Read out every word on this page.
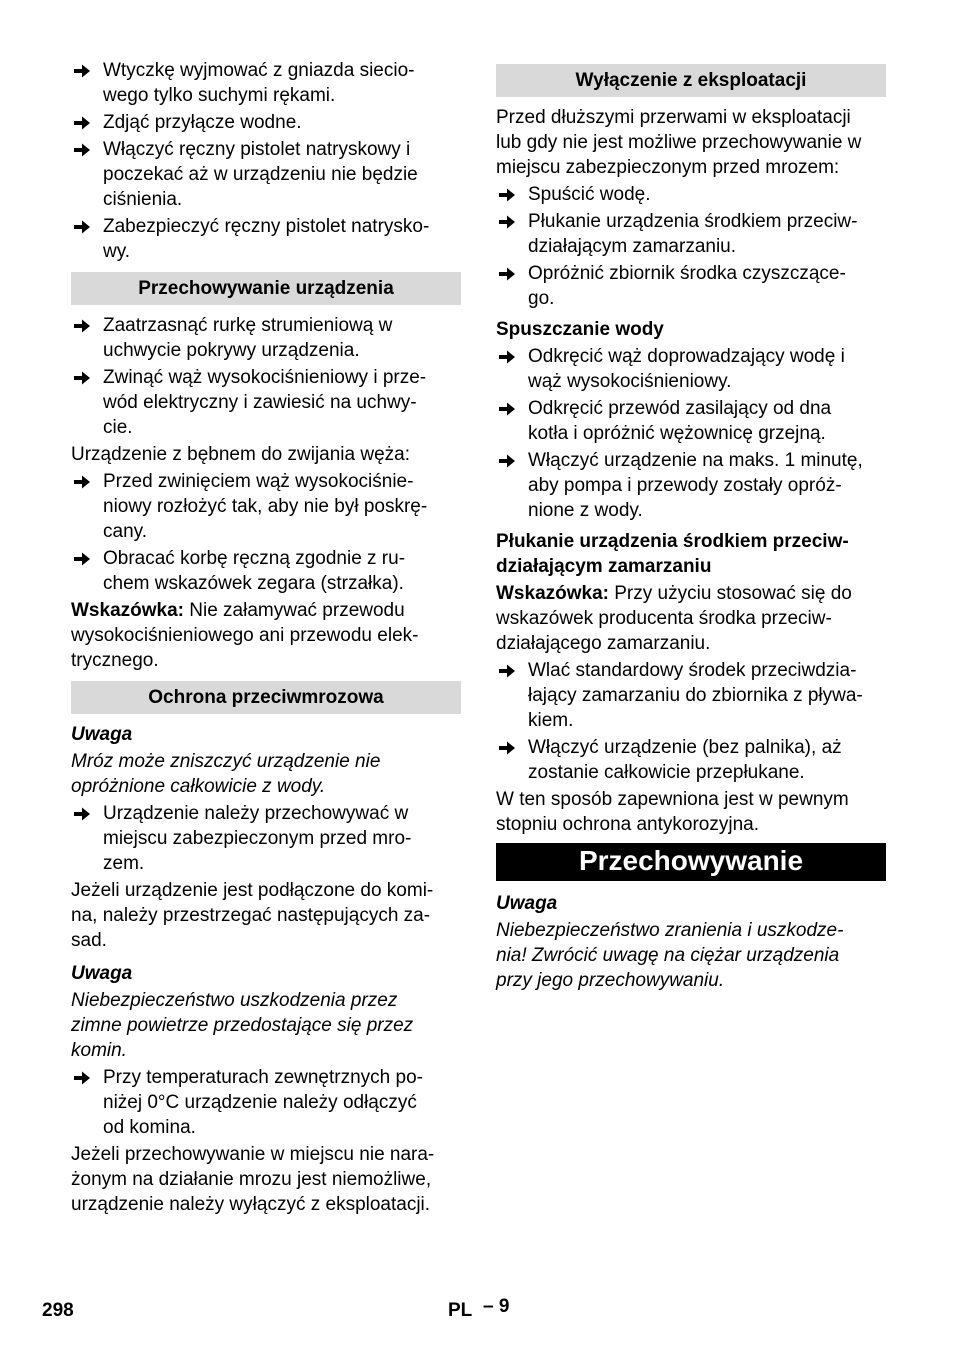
Wtyczkę wyjmować z gniazda siecio-
wego tylko suchymi rękami.
Zdjąć przyłącze wodne.
Włączyć ręczny pistolet natryskowy i
poczekać aż w urządzeniu nie będzie
ciśnienia.
Zabezpieczyć ręczny pistolet natrysko-
wy.
Przechowywanie urządzenia
Zaatrzasnąć rurkę strumieniową w
uchwycie pokrywy urządzenia.
Zwinąć wąż wysokociśnieniowy i prze-
wód elektryczny i zawiesić na uchwy-
cie.

Urządzenie z bębnem do zwijania węża:

Przed zwinięciem wąż wysokociśnie-
niowy rozłożyć tak, aby nie był poskrę-
cany.
Obracać korbę ręczną zgodnie z ru-
chem wskazówek zegara (strzałka).

Wskazówka: Nie załamywać przewodu
wysokociśnieniowego ani przewodu elek-
trycznego.

Ochrona przeciwmrozowa

Uwaga

Mróz może zniszczyć urządzenie nie
opróżnione całkowicie z wody.

Urządzenie należy przechowywać w
miejscu zabezpieczonym przed mro-
zem.

Jeżeli urządzenie jest podłączone do komi-
na, należy przestrzegać następujących za-
sad.

Uwaga

Niebezpieczeństwo uszkodzenia przez
zimne powietrze przedostające się przez
komin.

Przy temperaturach zewnętrznych po-
niżej 0°C urządzenie należy odłączyć
od komina.

Jeżeli przechowywanie w miejscu nie nara-
żonym na działanie mrozu jest niemożliwe,
urządzenie należy wyłączyć z eksploatacji.

Wyłączenie z eksploatacji

Przed dłuższymi przerwami w eksploatacji
lub gdy nie jest możliwe przechowywanie w
miejscu zabezpieczonym przed mrozem:

Spuścić wodę.
Płukanie urządzenia środkiem przeciw-
działającym zamarzaniu.
Opróżnić zbiornik środka czyszczące-
go.

Spuszczanie wody

Odkręcić wąż doprowadzający wodę i
wąż wysokociśnieniowy.
Odkręcić przewód zasilający od dna
kotła i opróżnić wężownicę grzejną.
Włączyć urządzenie na maks. 1 minutę,
aby pompa i przewody zostały opróż-
nione z wody.

Płukanie urządzenia środkiem przeciw-
działającym zamarzaniu

Wskazówka: Przy użyciu stosować się do
wskazówek producenta środka przeciw-
działającego zamarzaniu.

Wlać standardowy środek przeciwdzia-
łający zamarzaniu do zbiornika z pływa-
kiem.
Włączyć urządzenie (bez palnika), aż
zostanie całkowicie przepłukane.

W ten sposób zapewniona jest w pewnym
stopniu ochrona antykorozyjna.

Przechowywanie

Uwaga

Niebezpieczeństwo zranienia i uszkodze-
nia! Zwrócić uwagę na ciężar urządzenia
przy jego przechowywaniu.

298	PL – 9
